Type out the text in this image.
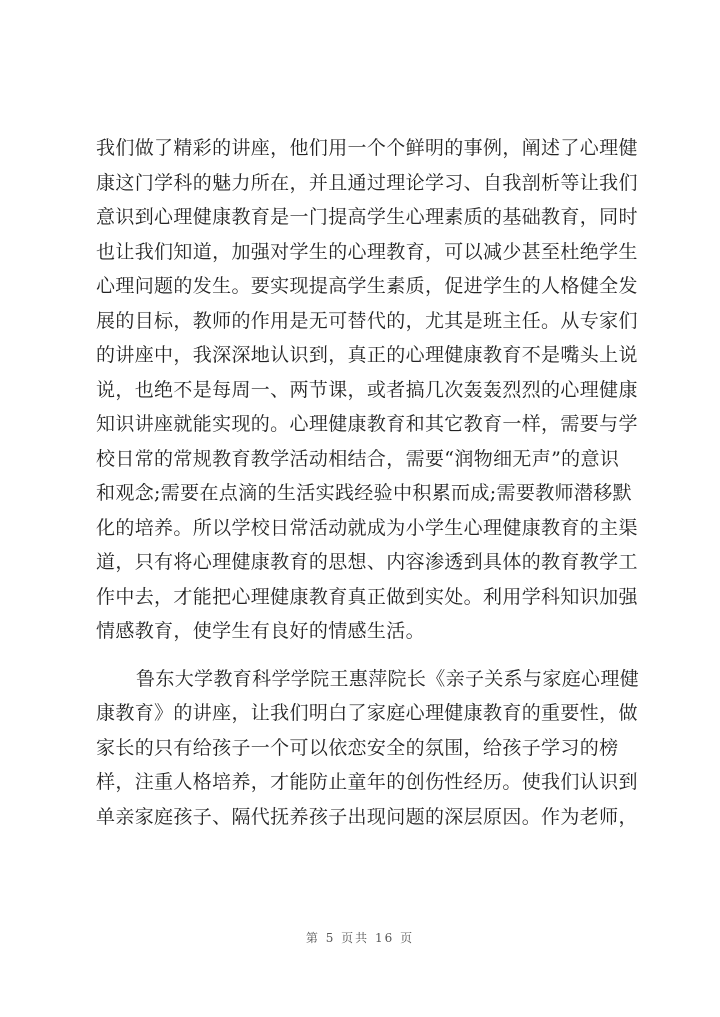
我们做了精彩的讲座，他们用一个个鲜明的事例，阐述了心理健
康这门学科的魅力所在，并且通过理论学习、自我剖析等让我们
意识到心理健康教育是一门提高学生心理素质的基础教育，同时
也让我们知道，加强对学生的心理教育，可以减少甚至杜绝学生
心理问题的发生。要实现提高学生素质，促进学生的人格健全发
展的目标，教师的作用是无可替代的，尤其是班主任。从专家们
的讲座中，我深深地认识到，真正的心理健康教育不是嘴头上说
说，也绝不是每周一、两节课，或者搞几次轰轰烈烈的心理健康
知识讲座就能实现的。心理健康教育和其它教育一样，需要与学
校日常的常规教育教学活动相结合，需要“润物细无声”的意识
和观念;需要在点滴的生活实践经验中积累而成;需要教师潜移默
化的培养。所以学校日常活动就成为小学生心理健康教育的主渠
道，只有将心理健康教育的思想、内容渗透到具体的教育教学工
作中去，才能把心理健康教育真正做到实处。利用学科知识加强
情感教育，使学生有良好的情感生活。
鲁东大学教育科学学院王惠萍院长《亲子关系与家庭心理健
康教育》的讲座，让我们明白了家庭心理健康教育的重要性，做
家长的只有给孩子一个可以依恋安全的氛围，给孩子学习的榜
样，注重人格培养，才能防止童年的创伤性经历。使我们认识到
单亲家庭孩子、隔代抚养孩子出现问题的深层原因。作为老师，
第 5 页共 16 页
